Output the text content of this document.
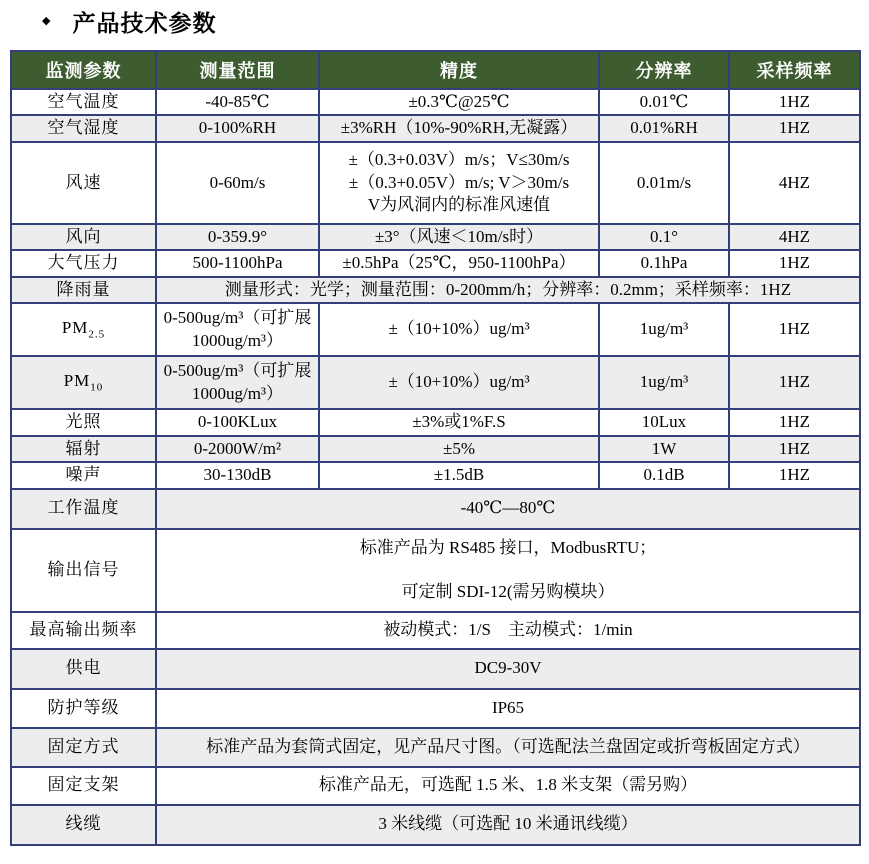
◆ 产品技术参数
监测参数	测量范围	精度	分辨率	采样频率
空气温度	-40-85℃	±0.3℃@25℃	0.01℃	1HZ
空气湿度	0-100%RH	±3%RH（10%-90%RH,无凝露）	0.01%RH	1HZ
风速	0-60m/s	±（0.3+0.03V）m/s；V≤30m/s
±（0.3+0.05V）m/s; V＞30m/s
V为风洞内的标准风速值	0.01m/s	4HZ
风向	0-359.9°	±3°（风速＜10m/s时）	0.1°	4HZ
大气压力	500-1100hPa	±0.5hPa（25℃，950-1100hPa）	0.1hPa	1HZ
降雨量	测量形式：光学；测量范围：0-200mm/h；分辨率：0.2mm；采样频率：1HZ			

$PM_{2.5}$	0-500ug/m³（可扩展1000ug/m³）	±（10+10%）ug/m³	1ug/m³	1HZ
$PM_{10}$	0-500ug/m³（可扩展1000ug/m³）	±（10+10%）ug/m³	1ug/m³	1HZ
光照	0-100KLux	±3%或1%F.S	10Lux	1HZ
辐射	0-2000W/m²	±5%	1W	1HZ
噪声	30-130dB	±1.5dB	0.1dB	1HZ
工作温度	-40℃—80℃			

输出信号	标准产品为 RS485 接口，ModbusRTU；
可定制 SDI-12(需另购模块）			

最高输出频率	被动模式：1/S　主动模式：1/min			

供电	DC9-30V			

防护等级	IP65			

固定方式	标准产品为套筒式固定，见产品尺寸图。（可选配法兰盘固定或折弯板固定方式）			

固定支架	标准产品无，可选配 1.5 米、1.8 米支架（需另购）			

线缆	3 米线缆（可选配 10 米通讯线缆）			
